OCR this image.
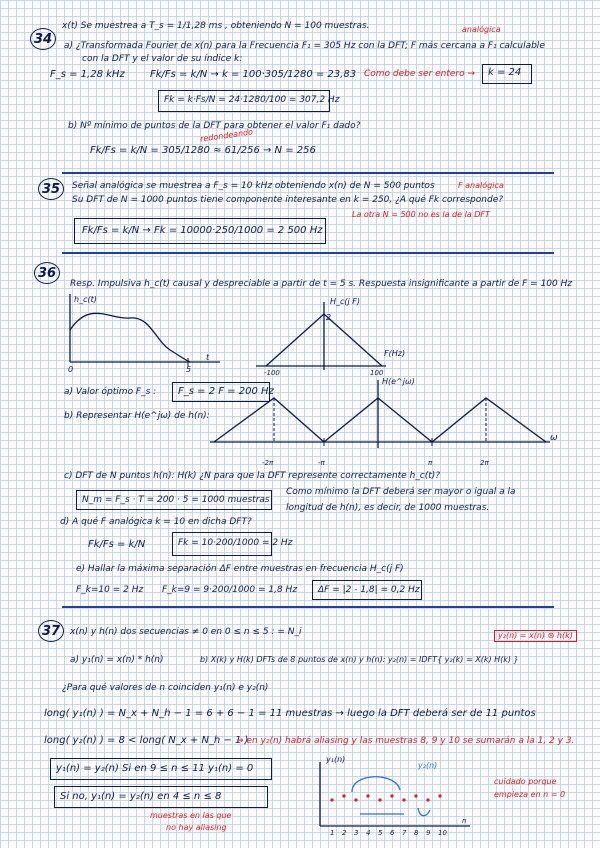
34
x(t) Se muestrea a T_s = 1/1,28 ms , obteniendo N = 100 muestras.	analógica
a) ¿Transformada Fourier de x(n) para la Frecuencia F₁ = 305 Hz con la DFT; F más cercana a F₁ calculable
con la DFT y el valor de su índice k:
F_s = 1,28 kHz	Fk/Fs = k/N → k = 100·305/1280 = 23,83 Como debe ser entero → k = 24
Fk = k·Fs/N = 24·1280/100 = 307,2 Hz
b) Nº mínimo de puntos de la DFT para obtener el valor F₁ dado?
redondeando
Fk/Fs = k/N = 305/1280 ≈ 61/256 → N = 256
35 Señal analógica se muestrea a F_s = 10 kHz obteniendo x(n) de N = 500 puntos	F analógica
Su DFT de N = 1000 puntos tiene componente interesante en k = 250, ¿A qué Fk corresponde?
La otra N = 500 no es la de la DFT
Fk/Fs = k/N → Fk = 10000·250/1000 = 2 500 Hz
36
Resp. Impulsiva h_c(t) causal y despreciable a partir de t = 5 s. Respuesta insignificante a partir de F = 100 Hz
h_c(t)
0	5
t
H_c(j F)
2
F(Hz)
-100	100
a) Valor óptimo F_s : F_s = 2 F = 200 Hz
b) Representar H(e^jω) de h(n):
H(e^jω)
ω
-2π	-π	π	2π
c) DFT de N puntos h(n): H(k) ¿N para que la DFT represente correctamente h_c(t)?
N_m = F_s · T = 200 · 5 = 1000 muestras
Como mínimo la DFT deberá ser mayor o igual a la
longitud de h(n), es decir, de 1000 muestras.
d) A qué F analógica k = 10 en dicha DFT?
Fk/Fs = k/N	Fk = 10·200/1000 = 2 Hz
e) Hallar la máxima separación ΔF entre muestras en frecuencia H_c(j F)
F_k=10 = 2 Hz F_k=9 = 9·200/1000 = 1,8 Hz ΔF = |2 - 1,8| = 0,2 Hz
37 x(n) y h(n) dos secuencias ≠ 0 en 0 ≤ n ≤ 5 : = N_i	y₂(n) = x(n) ⊛ h(k)
a) y₁(n) = x(n) * h(n)	b) X(k) y H(k) DFTs de 8 puntos de x(n) y h(n): y₂(n) = IDFT{ y₂(k) = X(k) H(k) }
¿Para qué valores de n coinciden y₁(n) e y₂(n)
long( y₁(n) ) = N_x + N_h − 1 = 6 + 6 − 1 = 11 muestras → luego la DFT deberá ser de 11 puntos
long( y₂(n) ) = 8 < long( N_x + N_h − 1 )
→ en y₂(n) habrá aliasing y las muestras 8, 9 y 10 se sumarán a la 1, 2 y 3.
y₁(n) = y₂(n) Si en 9 ≤ n ≤ 11 y₁(n) = 0
Si no, y₁(n) = y₂(n) en 4 ≤ n ≤ 8
muestras en las que
no hay aliasing
y₁(n)
y₂(n)
1 2 3 4 5 6 7 8 9 10
n
cuidado porque
empieza en n = 0
